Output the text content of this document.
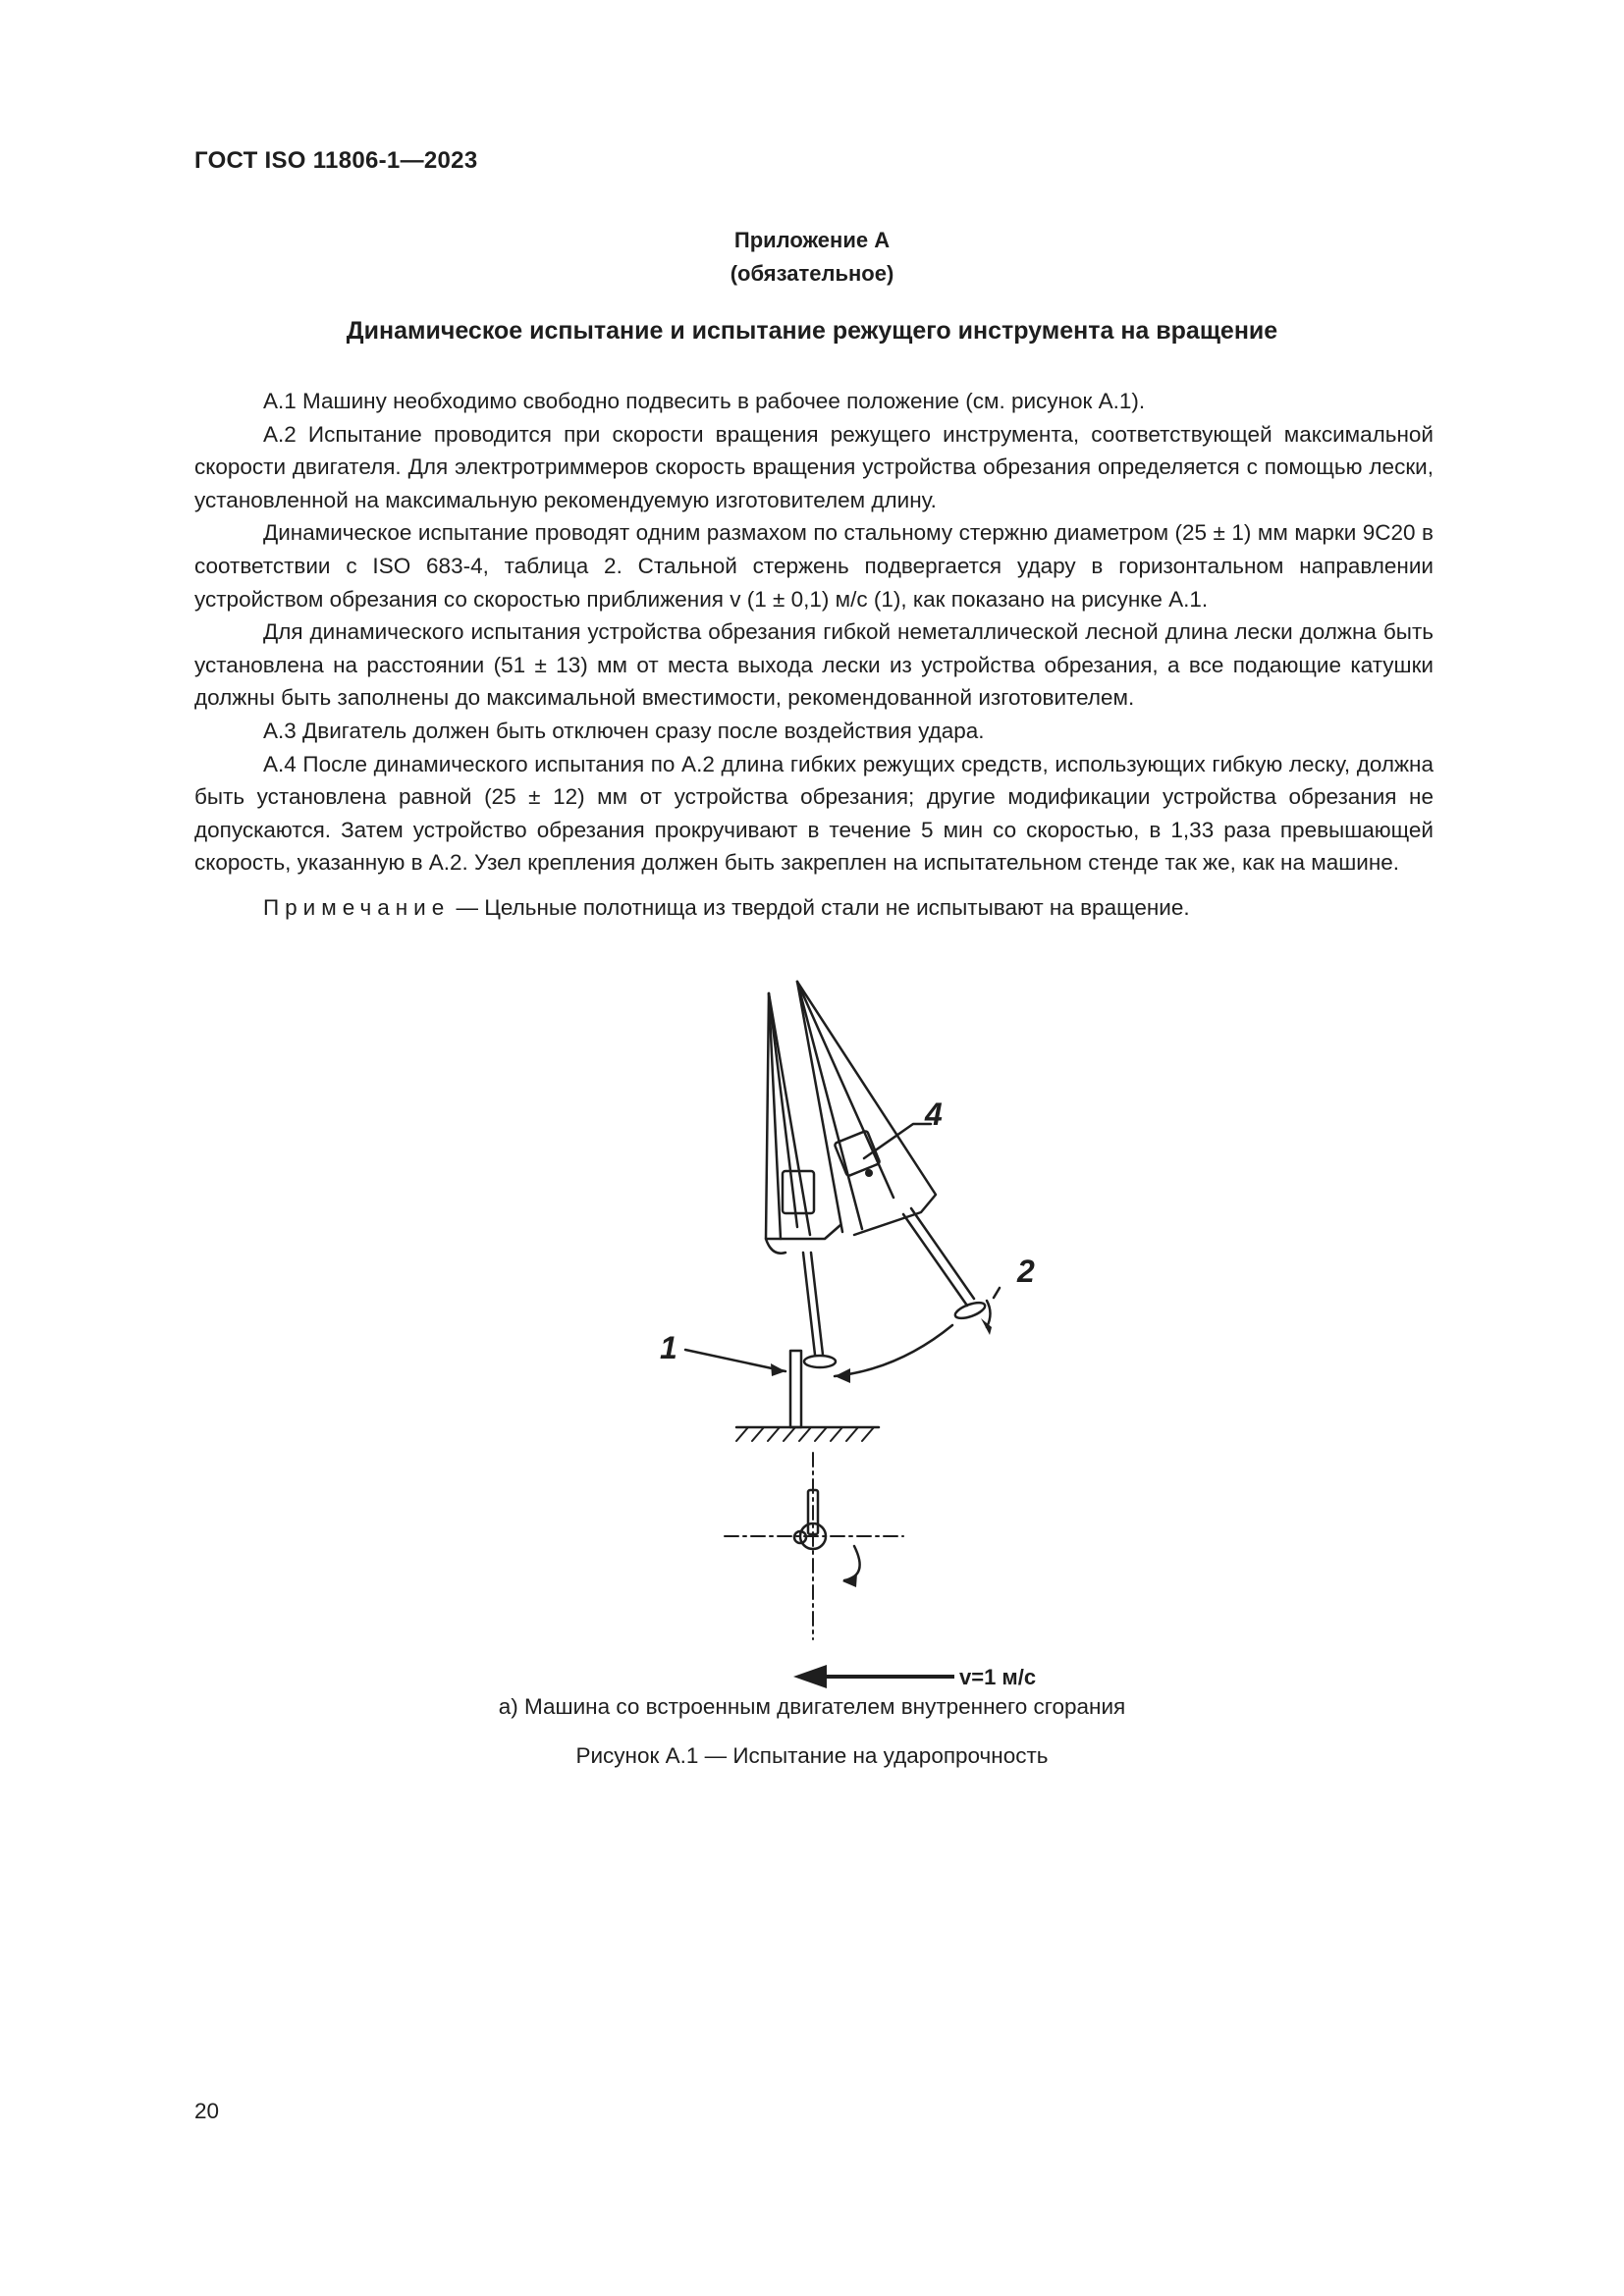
ГОСТ ISO 11806-1—2023
Приложение А
(обязательное)
Динамическое испытание и испытание режущего инструмента на вращение

А.1 Машину необходимо свободно подвесить в рабочее положение (см. рисунок А.1).

А.2 Испытание проводится при скорости вращения режущего инструмента, соответствующей максимальной скорости двигателя. Для электротриммеров скорость вращения устройства обрезания определяется с помощью лески, установленной на максимальную рекомендуемую изготовителем длину.

Динамическое испытание проводят одним размахом по стальному стержню диаметром (25 ± 1) мм марки 9С20 в соответствии с ISO 683-4, таблица 2. Стальной стержень подвергается удару в горизонтальном направлении устройством обрезания со скоростью приближения v (1 ± 0,1) м/с (1), как показано на рисунке А.1.

Для динамического испытания устройства обрезания гибкой неметаллической лесной длина лески должна быть установлена на расстоянии (51 ± 13) мм от места выхода лески из устройства обрезания, а все подающие катушки должны быть заполнены до максимальной вместимости, рекомендованной изготовителем.

А.3 Двигатель должен быть отключен сразу после воздействия удара.

А.4 После динамического испытания по А.2 длина гибких режущих средств, использующих гибкую леску, должна быть установлена равной (25 ± 12) мм от устройства обрезания; другие модификации устройства обрезания не допускаются. Затем устройство обрезания прокручивают в течение 5 мин со скоростью, в 1,33 раза превышающей скорость, указанную в А.2. Узел крепления должен быть закреплен на испытательном стенде так же, как на машине.

Примечание — Цельные полотнища из твердой стали не испытывают на вращение.

1
2
4
v=1 м/с
а) Машина со встроенным двигателем внутреннего сгорания
Рисунок А.1 — Испытание на ударопрочность
20
